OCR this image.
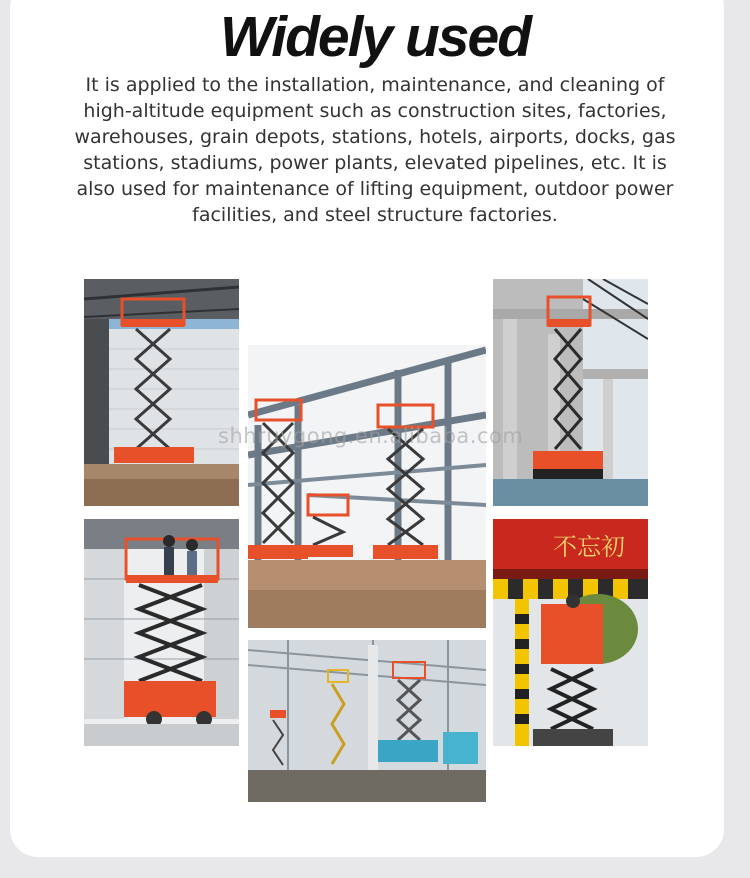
Widely used

It is applied to the installation, maintenance, and cleaning of high-altitude equipment such as construction sites, factories, warehouses, grain depots, stations, hotels, airports, docks, gas stations, stadiums, power plants, elevated pipelines, etc. It is also used for maintenance of lifting equipment, outdoor power facilities, and steel structure factories.

不忘初
shhruygong.en.alibaba.com
